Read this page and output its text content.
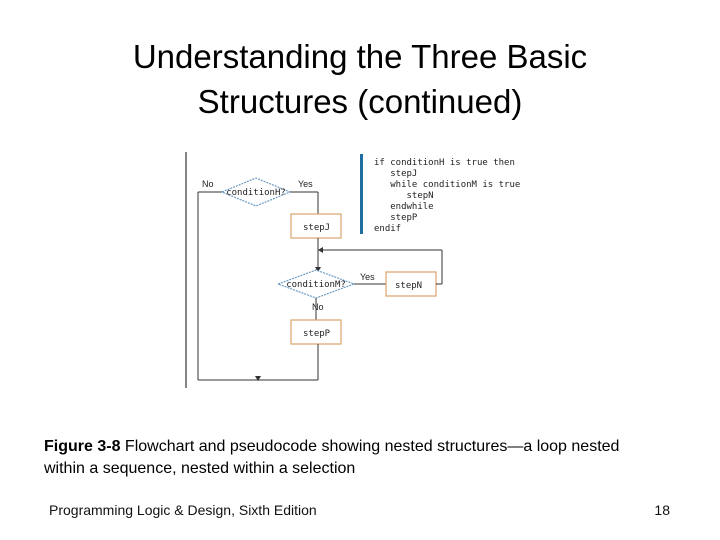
Understanding the Three Basic
Structures (continued)
conditionH?
No	Yes
stepJ
conditionM?
Yes
No
stepN
stepP
if conditionH is true then
stepJ
while conditionM is true
stepN
endwhile
stepP
endif
Figure 3-8 Flowchart and pseudocode showing nested structures—a loop nested within a sequence, nested within a selection
Programming Logic & Design, Sixth Edition	18
